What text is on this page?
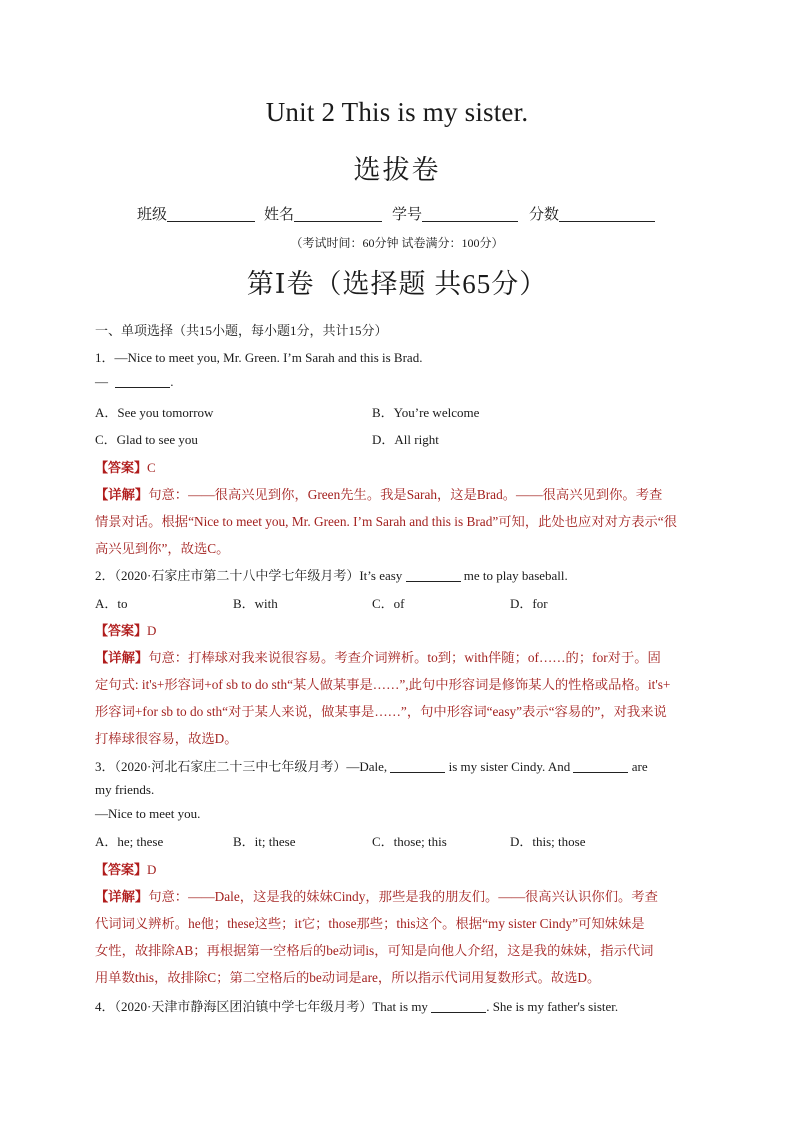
Unit 2 This is my sister.
选拔卷
班级	姓名	学号	分数
（考试时间：60分钟 试卷满分：100分）
第Ⅰ卷（选择题 共65分）
一、单项选择（共15小题，每小题1分，共计15分）
1．—Nice to meet you, Mr. Green. I’m Sarah and this is Brad.
—	.
A．See you tomorrow	B．You’re welcome
C．Glad to see you	D．All right
【答案】C
【详解】句意：——很高兴见到你，Green先生。我是Sarah，这是Brad。——很高兴见到你。考查
情景对话。根据“Nice to meet you, Mr. Green. I’m Sarah and this is Brad”可知，此处也应对对方表示“很
高兴见到你”，故选C。
2．（2020·石家庄市第二十八中学七年级月考）It’s easy	me to play baseball.
A．to	B．with	C．of	D．for
【答案】D
【详解】句意：打棒球对我来说很容易。考查介词辨析。to到；with伴随；of……的；for对于。固
定句式: it's+形容词+of sb to do sth“某人做某事是……”,此句中形容词是修饰某人的性格或品格。it's+
形容词+for sb to do sth“对于某人来说，做某事是……”，句中形容词“easy”表示“容易的”，对我来说
打棒球很容易，故选D。
3．（2020·河北石家庄二十三中七年级月考）—Dale,	is my sister Cindy. And	are
my friends.
—Nice to meet you.
A．he; these	B．it; these	C．those; this	D．this; those
【答案】D
【详解】句意：——Dale，这是我的妹妹Cindy，那些是我的朋友们。——很高兴认识你们。考查
代词词义辨析。he他；these这些；it它；those那些；this这个。根据“my sister Cindy”可知妹妹是
女性，故排除AB；再根据第一空格后的be动词is，可知是向他人介绍，这是我的妹妹，指示代词
用单数this，故排除C；第二空格后的be动词是are，所以指示代词用复数形式。故选D。
4．（2020·天津市静海区团泊镇中学七年级月考）That is my	. She is my father's sister.
